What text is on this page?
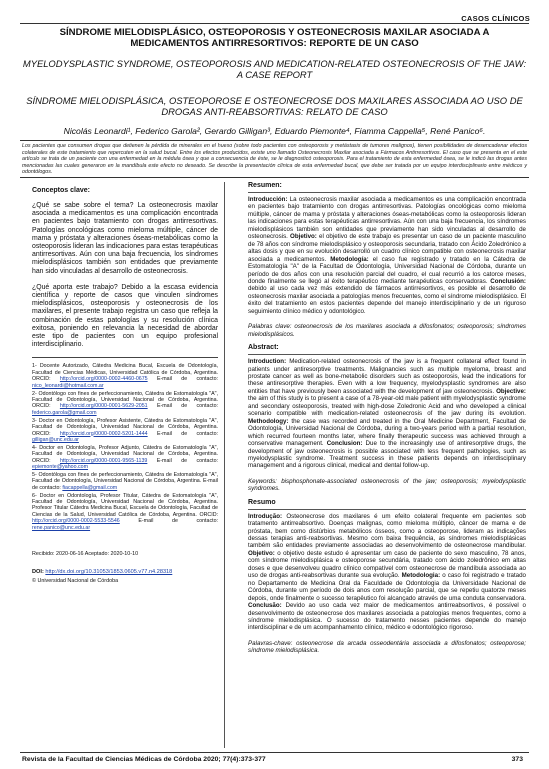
CASOS CLÍNICOS
SÍNDROME MIELODISPLÁSICO, OSTEOPOROSIS Y OSTEONECROSIS MAXILAR ASOCIADA A MEDICAMENTOS ANTIRRESORTIVOS: REPORTE DE UN CASO
MYELODYSPLASTIC SYNDROME, OSTEOPOROSIS AND MEDICATION-RELATED OSTEONECROSIS OF THE JAW: A CASE REPORT
SÍNDROME MIELODISPLÁSICA, OSTEOPOROSE E OSTEONECROSE DOS MAXILARES ASSOCIADA AO USO DE DROGAS ANTI-REABSORTIVAS: RELATO DE CASO
Nicolás Leonardi¹, Federico Garola², Gerardo Gilligan³, Eduardo Piemonte⁴, Fiamma Cappella⁵, René Panico⁶.
Los pacientes que consumen drogas que detienen la pérdida de minerales en el hueso (sobre todo pacientes con osteoporosis y metástasis de tumores malignos), tienen posibilidades de desencadenar efectos colaterales de este tratamiento que repercuten en la salud bucal. Entre los efectos producidos, existe uno llamado Osteonecrosis Maxilar asociada a Fármacos Antirresortivos. El caso que se presenta en el este artículo se trata de un paciente con una enfermedad en la médula ósea y que a consecuencia de éste, se le diagnosticó osteoporosis. Para el tratamiento de esta enfermedad ósea, se le indicó las drogas antes mencionadas las cuales generaron en la mandíbula este efecto no deseado. Se describe la presentación clínica de esta enfermedad bucal, que debe ser tratada por un equipo interdisciplinario entre médicos y odontólogos.
Conceptos clave:

¿Qué se sabe sobre el tema? La osteonecrosis maxilar asociada a medicamentos es una complicación encontrada en pacientes bajo tratamiento con drogas antirresortivas. Patologías oncológicas como mieloma múltiple, cáncer de mama y próstata y alteraciones óseas-metabólicas como la osteoporosis lideran las indicaciones para estas terapéuticas antirresortivas. Aún con una baja frecuencia, los síndromes mielodisplásicos también son entidades que previamente han sido vinculadas al desarrollo de osteonecrosis.

¿Qué aporta este trabajo? Debido a la escasa evidencia científica y reporte de casos que vinculen síndromes mielodisplásicos, osteoporosis y osteonecrosis de los maxilares, el presente trabajo registra un caso que refleja la combinación de estas patologías y su resolución clínica exitosa, poniendo en relevancia la necesidad de abordar este tipo de pacientes con un equipo profesional interdisciplinario.

1- Docente Autorizado, Cátedra Medicina Bucal, Escuela de Odontología, Facultad de Ciencias Médicas, Universidad Católica de Córdoba, Argentina. ORCID: http://orcid.org/0000-0002-4460-0675 E-mail de contacto: nico_leonardi@hotmail.com.ar

2- Odontólogo con fines de perfeccionamiento, Cátedra de Estomatología "A", Facultad de Odontología, Universidad Nacional de Córdoba, Argentina. ORCID: http://orcid.org/0000-0001-5629-2051 E-mail de contacto: federico.garola@gmail.com

3- Doctor en Odontología, Profesor Asistente, Cátedra de Estomatología "A", Facultad de Odontología, Universidad Nacional de Córdoba, Argentina. ORCID: http://orcid.org/0000-0002-5201-1444 E-mail de contacto: gilligan@unc.edu.ar

4- Doctor en Odontología, Profesor Adjunto, Cátedra de Estomatología "A", Facultad de Odontología, Universidad Nacional de Córdoba, Argentina. ORCID: http://orcid.org/0000-0001-9565-1139 E-mail de contacto: epiemonte@yahoo.com

5- Odontóloga con fines de perfeccionamiento, Cátedra de Estomatología "A", Facultad de Odontología, Universidad Nacional de Córdoba, Argentina. E-mail de contacto: fiacappella@gmail.com

6- Doctor en Odontología, Profesor Titular, Cátedra de Estomatología "A", Facultad de Odontología, Universidad Nacional de Córdoba, Argentina. Profesor Titular Cátedra Medicina Bucal, Escuela de Odontología, Facultad de Ciencias de la Salud, Universidad Católica de Córdoba, Argentina. ORCID: http://orcid.org/0000-0002-5533-5546 E-mail de contacto: rene.panico@unc.edu.ar

Recibido: 2020-06-16 Aceptado: 2020-10-10
DOI: http://dx.doi.org/10.31053/1853.0605.v77.n4.28318
© Universidad Nacional de Córdoba
Resumen:

Introducción: La osteonecrosis maxilar asociada a medicamentos es una complicación encontrada en pacientes bajo tratamiento con drogas antirresortivas. Patologías oncológicas como mieloma múltiple, cáncer de mama y próstata y alteraciones óseas-metabólicas como la osteoporosis lideran las indicaciones para estas terapéuticas antirresortivas. Aún con una baja frecuencia, los síndromes mielodisplásicos también son entidades que previamente han sido vinculadas al desarrollo de osteonecrosis. Objetivo: el objetivo de este trabajo es presentar un caso de un paciente masculino de 78 años con síndrome mielodisplásico y osteoporosis secundaria, tratado con Ácido Zoledrónico a altas dosis y que en su evolución desarrolló un cuadro clínico compatible con osteonecrosis maxilar asociada a medicamentos. Metodología: el caso fue registrado y tratado en la Cátedra de Estomatología "A" de la Facultad de Odontología, Universidad Nacional de Córdoba, durante un período de dos años con una resolución parcial del cuadro, el cual recurrió a los catorce meses, donde finalmente se llegó al éxito terapéutico mediante terapéuticas conservadoras. Conclusión: debido al uso cada vez más extendido de fármacos antirresortivos, es posible el desarrollo de osteonecrosis maxilar asociada a patologías menos frecuentes, como el síndrome mielodisplásico. El éxito del tratamiento en estos pacientes depende del manejo interdisciplinario y de un riguroso seguimiento clínico médico y odontológico.

Palabras clave: osteonecrosis de los maxilares asociada a difosfonatos; osteoporosis; síndromes mielodisplásicos.

Abstract:

Introduction: Medication-related osteonecrosis of the jaw is a frequent collateral effect found in patients under antiresorptive treatments. Malignancies such as multiple myeloma, breast and prostate cancer as well as bone-metabolic disorders such as osteoporosis, lead the indications for these antiresorptive therapies. Even with a low frequency, myelodysplastic syndromes are also entities that have previously been associated with the development of jaw osteonecrosis. Objective: the aim of this study is to present a case of a 78-year-old male patient with myelodysplastic syndrome and secondary osteoporosis, treated with high-dose Zoledronic Acid and who developed a clinical scenario compatible with medication-related osteonecrosis of the jaw during its evolution. Methodology: the case was recorded and treated in the Oral Medicine Department, Facultad de Odontología, Universidad Nacional de Córdoba, during a two-years period with a partial resolution, which recurred fourteen months later, where finally therapeutic success was achieved through a conservative management. Conclusion: Due to the increasingly use of antiresorptive drugs, the development of jaw osteonecrosis is possible associated with less frequent pathologies, such as myelodysplastic syndrome. Treatment success in these patients depends on interdisciplinary management and a rigorous clinical, medical and dental follow-up.

Keywords: bisphosphonate-associated osteonecrosis of the jaw; osteoporosis; myelodysplastic syndromes.

Resumo

Introdução: Osteonecrose dos maxilares é um efeito colateral frequente em pacientes sob tratamento antirreabsortivo. Doenças malignas, como mieloma múltiplo, câncer de mama e de próstata, bem como distúrbios metabólicos ósseos, como a osteoporose, lideram as indicações dessas terapias anti-reabsortivas. Mesmo com baixa frequência, as síndromes mielodisplásicas também são entidades previamente associadas ao desenvolvimento de osteonecrose mandibular. Objetivo: o objetivo deste estudo é apresentar um caso de paciente do sexo masculino, 78 anos, com síndrome mielodisplásica e osteoporose secundária, tratado com ácido zoledrônico em altas doses e que desenvolveu quadro clínico compatível com osteonecrose de mandíbula associada ao uso de drogas anti-reabsortivas durante sua evolução. Metodologia: o caso foi registrado e tratado no Departamento de Medicina Oral da Faculdade de Odontologia da Universidade Nacional de Córdoba, durante um período de dois anos com resolução parcial, que se repetiu quatorze meses depois, onde finalmente o sucesso terapêutico foi alcançado através de uma conduta conservadora. Conclusão: Devido ao uso cada vez maior de medicamentos antirreabsortivos, é possível o desenvolvimento de osteonecrose dos maxilares associada a patologias menos frequentes, como a síndrome mielodisplásica. O sucesso do tratamento nesses pacientes depende do manejo interdisciplinar e de um acompanhamento clínico, médico e odontológico rigoroso.

Palavras-chave: osteonecrose da arcada osseodentária associada a difosfonatos; osteoporose; síndrome mielodisplásica.

Revista de la Facultad de Ciencias Médicas de Córdoba 2020; 77(4):373-377	373
